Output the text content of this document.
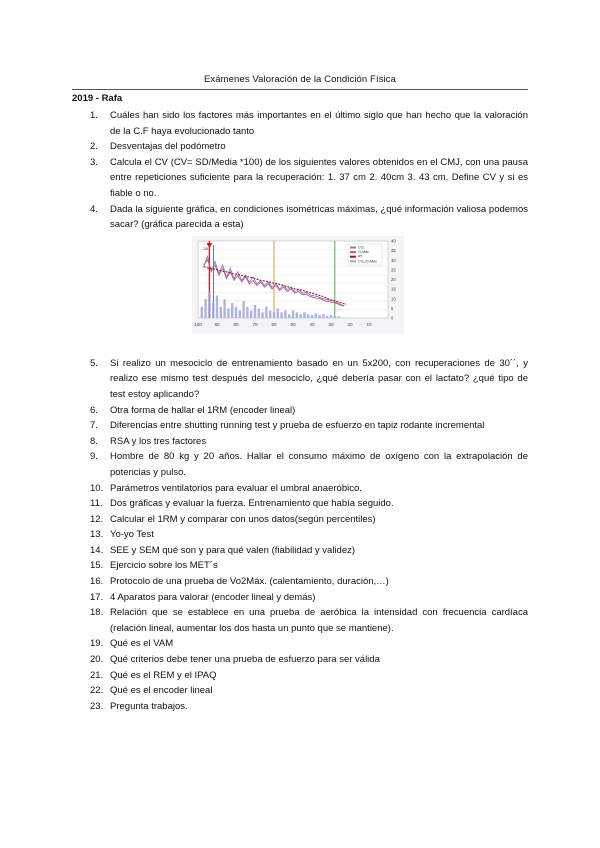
Exámenes Valoración de la Condición Física
2019 - Rafa
1. Cuáles han sido los factores más importantes en el último siglo que han hecho que la valoración de la C.F haya evolucionado tanto
2. Desventajas del podómetro
3. Calcula el CV (CV= SD/Media *100) de los siguientes valores obtenidos en el CMJ, con una pausa entre repeticiones suficiente para la recuperación: 1. 37 cm 2. 40cm 3. 43 cm. Define CV y si es fiable o no.
4. Dada la siguiente gráfica, en condiciones isométricas máximas, ¿qué información valiosa podemos sacar? (gráfica parecida a esta)
5. Si realizo un mesociclo de entrenamiento basado en un 5x200, con recuperaciones de 30´´, y realizo ese mismo test después del mesociclo, ¿qué debería pasar con el lactato? ¿qué tipo de test estoy aplicando?
6. Otra forma de hallar el 1RM (encoder lineal)
7. Diferencias entre shutting running test y prueba de esfuerzo en tapiz rodante incremental
8. RSA y los tres factores
9. Hombre de 80 kg y 20 años. Hallar el consumo máximo de oxígeno con la extrapolación de potencias y pulso.
10. Parámetros ventilatorios para evaluar el umbral anaeróbico.
11. Dos gráficas y evaluar la fuerza. Entrenamiento que había seguido.
12. Calcular el 1RM y comparar con unos datos(según percentiles)
13. Yo-yo Test
14. SEE y SEM qué son y para qué valen (fiabilidad y validez)
15. Ejercicio sobre los MET´s
16. Protocolo de una prueba de Vo2Máx. (calentamiento, duración,…)
17. 4 Aparatos para valorar (encoder lineal y demás)
18. Relación que se establece en una prueba de aeróbica la intensidad con frecuencia cardíaca (relación lineal, aumentar los dos hasta un punto que se mantiene).
19. Qué es el VAM
20. Qué criterios debe tener una prueba de esfuerzo para ser válida
21. Qué es el REM y el IPAQ
22. Qué es el encoder lineal
23. Pregunta trabajos.
26	CO₂
O₂Max
RT
CO₂/O₂Max
40
35
30
25
20
15
10
5
0
100	90	80	70	60	50	40	30	20	10
